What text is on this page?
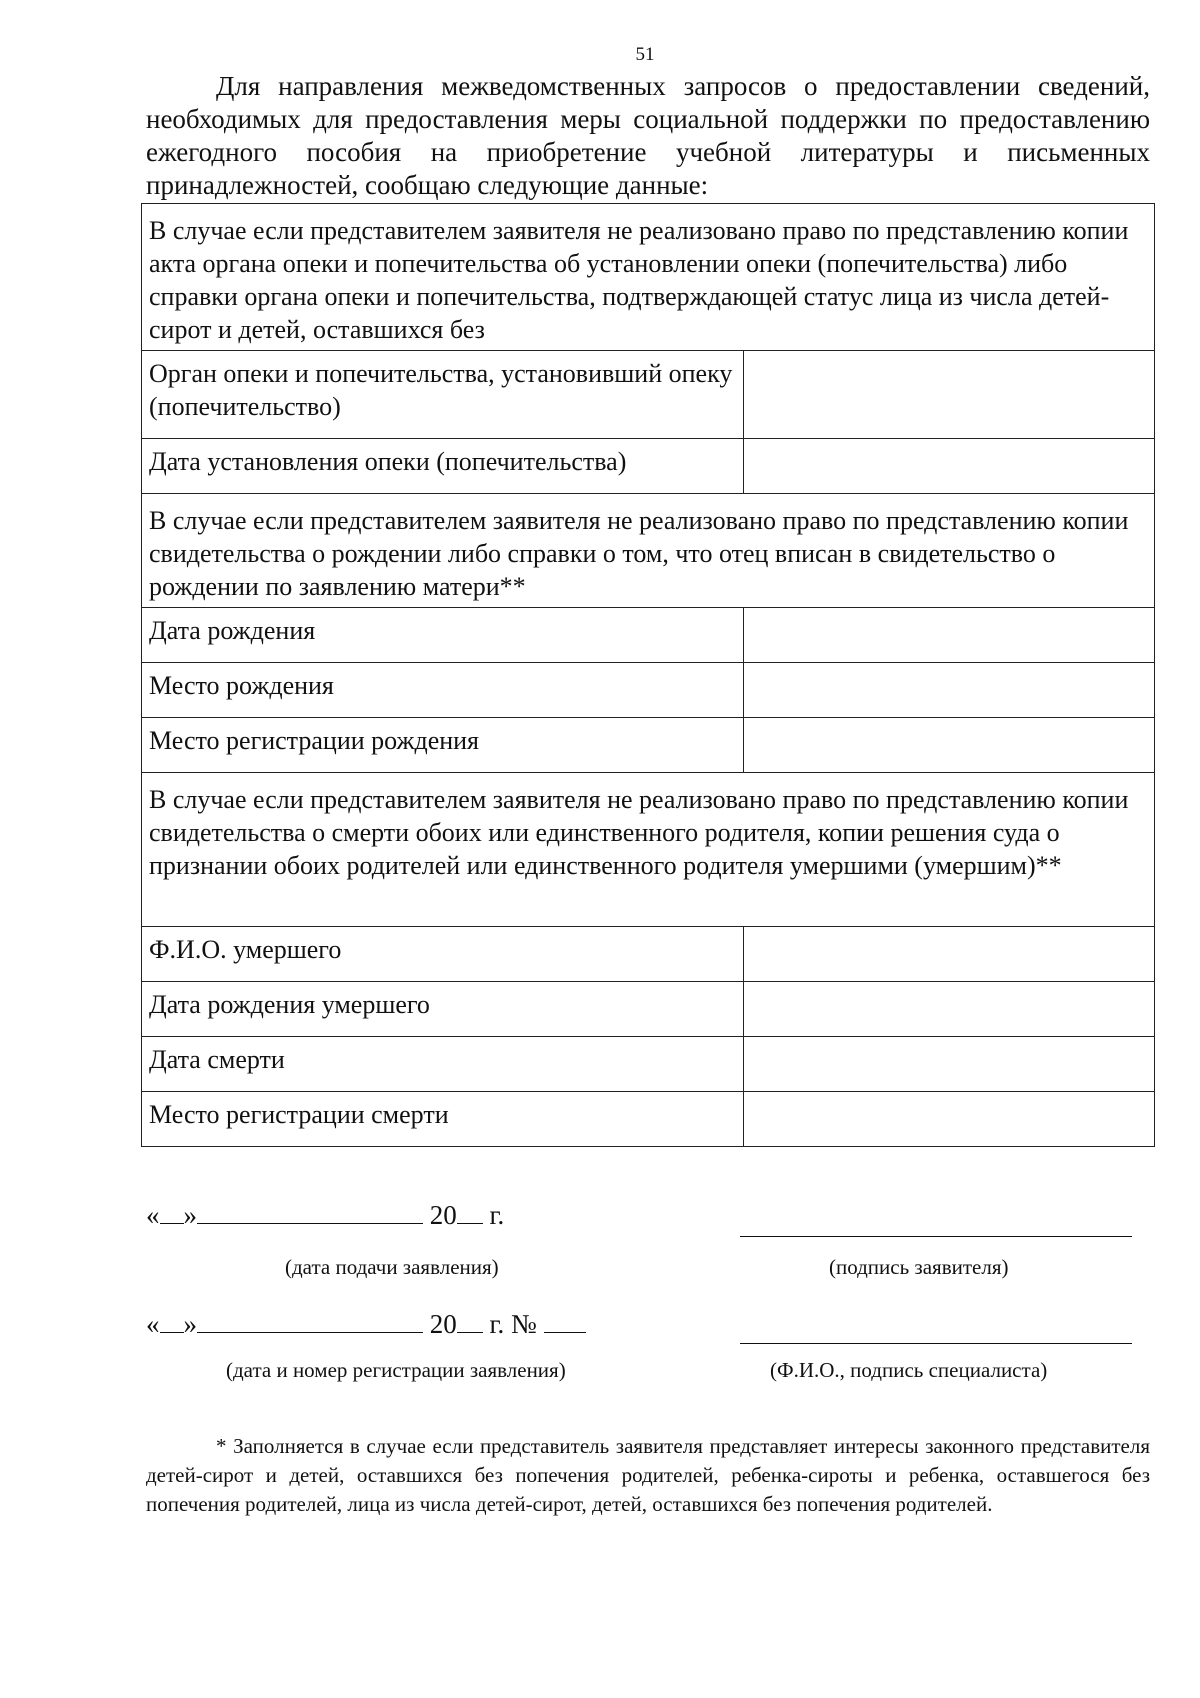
51

Для направления межведомственных запросов о предоставлении сведений, необходимых для предоставления меры социальной поддержки по предоставлению ежегодного пособия на приобретение учебной литературы и письменных принадлежностей, сообщаю следующие данные:

В случае если представителем заявителя не реализовано право по представлению копии акта органа опеки и попечительства об установлении опеки (попечительства) либо справки органа опеки и попечительства, подтверждающей статус лица из числа детей-сирот и детей, оставшихся без	
Орган опеки и попечительства, установивший опеку (попечительство)	
Дата установления опеки (попечительства)	
В случае если представителем заявителя не реализовано право по представлению копии свидетельства о рождении либо справки о том, что отец вписан в свидетельство о рождении по заявлению матери**	
Дата рождения	
Место рождения	
Место регистрации рождения	
В случае если представителем заявителя не реализовано право по представлению копии свидетельства о смерти обоих или единственного родителя, копии решения суда о признании обоих родителей или единственного родителя умершими (умершим)**	
Ф.И.О. умершего	
Дата рождения умершего	
Дата смерти	
Место регистрации смерти	
« »	20 г.
(дата подачи заявления)	(подпись заявителя)
« »	20 г. №
(дата и номер регистрации заявления)	(Ф.И.О., подпись специалиста)

* Заполняется в случае если представитель заявителя представляет интересы законного представителя детей-сирот и детей, оставшихся без попечения родителей, ребенка-сироты и ребенка, оставшегося без попечения родителей, лица из числа детей-сирот, детей, оставшихся без попечения родителей.
